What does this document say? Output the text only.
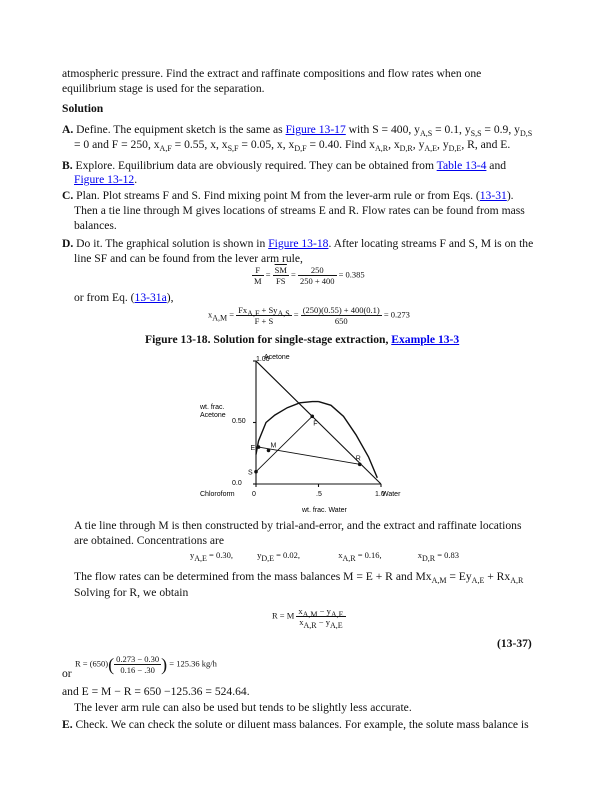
atmospheric pressure. Find the extract and raffinate compositions and flow rates when one

equilibrium stage is used for the separation.

Solution

A. Define. The equipment sketch is the same as Figure 13-17 with S = 400, $y_{A,S} = 0.1$, $y_{S,S} = 0.9$, $y_{D,S}$

= 0 and F = 250, $x_{A,F} = 0.55$, x, $x_{S,F} = 0.05$, x, $x_{D,F} = 0.40$. Find $x_{A,R}$, $x_{D,R}$, $y_{A,E}$, $y_{D,E}$, R, and E.

B. Explore. Equilibrium data are obviously required. They can be obtained from Table 13-4 and

Figure 13-12.

C. Plan. Plot streams F and S. Find mixing point M from the lever-arm rule or from Eqs. (13-31).

Then a tie line through M gives locations of streams E and R. Flow rates can be found from mass

balances.

D. Do it. The graphical solution is shown in Figure 13-18. After locating streams F and S, M is on the

line SF and can be found from the lever arm rule,

$\frac{F}{M} = \frac{\overline{SM}}{FS} = \frac{250}{250 + 400} = 0.385$

or from Eq. (13-31a),

$x_{A,M} = \frac{Fx_{A,F} + Sy_{A,S}}{F + S} = \frac{(250)(0.55) + 400(0.1)}{650} = 0.273$

Figure 13-18. Solution for single-stage extraction, Example 13-3

1.00
0.50
0.0
Acetone
Chloroform	Water
0	.5
wt. frac. Water
wt. frac.
Acetone
F
E M
R
S
1.0

A tie line through M is then constructed by trial-and-error, and the extract and raffinate locations

are obtained. Concentrations are

$y_{A,E} = 0.30$,	$y_{D,E} = 0.02$,	$x_{A,R} = 0.16$,	$x_{D,R} = 0.83$

The flow rates can be determined from the mass balances M = E + R and $Mx_{A,M} = Ey_{A,E} + Rx_{A,R}$

Solving for R, we obtain

R = M $\frac{x_{A,M} - y_{A,E}}{x_{A,R} - y_{A,E}}$

(13-37)

or

$R = (650)( \frac{0.273 - 0.30}{0.16 - .30}$ ) = 125.36 kg/h

and E = M − R = 650 −125.36 = 524.64.

The lever arm rule can also be used but tends to be slightly less accurate.

E. Check. We can check the solute or diluent mass balances. For example, the solute mass balance is
